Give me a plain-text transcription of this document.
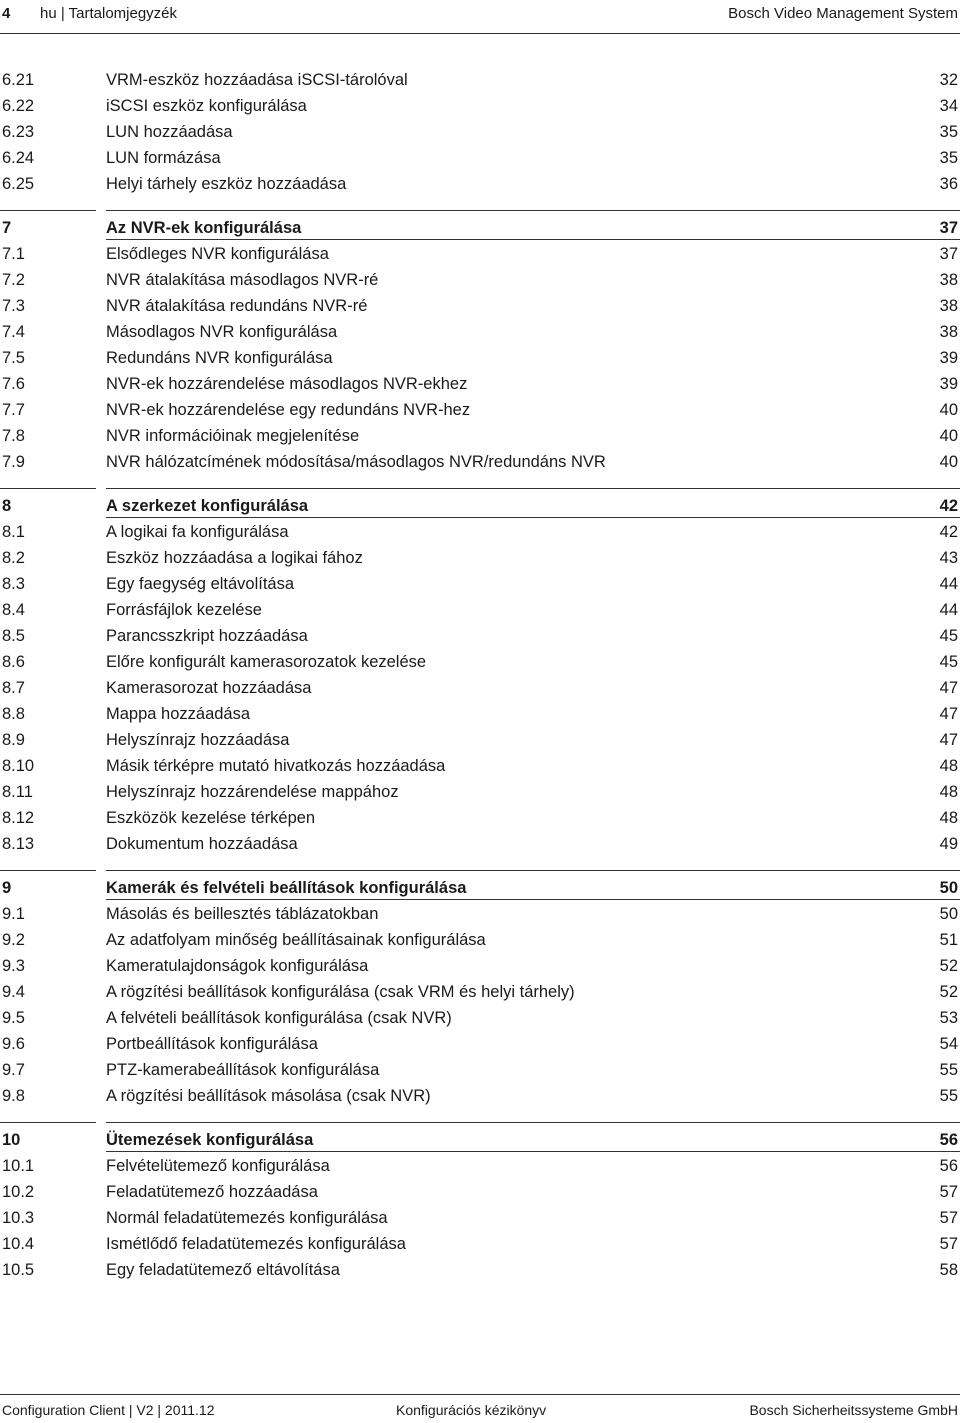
4 hu | Tartalomjegyzék	Bosch Video Management System
6.21	VRM-eszköz hozzáadása iSCSI-tárolóval	32
6.22	iSCSI eszköz konfigurálása	34
6.23	LUN hozzáadása	35
6.24	LUN formázása	35
6.25	Helyi tárhely eszköz hozzáadása	36
7	Az NVR-ek konfigurálása	37
7.1	Elsődleges NVR konfigurálása	37
7.2	NVR átalakítása másodlagos NVR-ré	38
7.3	NVR átalakítása redundáns NVR-ré	38
7.4	Másodlagos NVR konfigurálása	38
7.5	Redundáns NVR konfigurálása	39
7.6	NVR-ek hozzárendelése másodlagos NVR-ekhez	39
7.7	NVR-ek hozzárendelése egy redundáns NVR-hez	40
7.8	NVR információinak megjelenítése	40
7.9	NVR hálózatcímének módosítása/másodlagos NVR/redundáns NVR	40
8	A szerkezet konfigurálása	42
8.1	A logikai fa konfigurálása	42
8.2	Eszköz hozzáadása a logikai fához	43
8.3	Egy faegység eltávolítása	44
8.4	Forrásfájlok kezelése	44
8.5	Parancsszkript hozzáadása	45
8.6	Előre konfigurált kamerasorozatok kezelése	45
8.7	Kamerasorozat hozzáadása	47
8.8	Mappa hozzáadása	47
8.9	Helyszínrajz hozzáadása	47
8.10	Másik térképre mutató hivatkozás hozzáadása	48
8.11	Helyszínrajz hozzárendelése mappához	48
8.12	Eszközök kezelése térképen	48
8.13	Dokumentum hozzáadása	49
9	Kamerák és felvételi beállítások konfigurálása	50
9.1	Másolás és beillesztés táblázatokban	50
9.2	Az adatfolyam minőség beállításainak konfigurálása	51
9.3	Kameratulajdonságok konfigurálása	52
9.4	A rögzítési beállítások konfigurálása (csak VRM és helyi tárhely)	52
9.5	A felvételi beállítások konfigurálása (csak NVR)	53
9.6	Portbeállítások konfigurálása	54
9.7	PTZ-kamerabeállítások konfigurálása	55
9.8	A rögzítési beállítások másolása (csak NVR)	55
10	Ütemezések konfigurálása	56
10.1	Felvételütemező konfigurálása	56
10.2	Feladatütemező hozzáadása	57
10.3	Normál feladatütemezés konfigurálása	57
10.4	Ismétlődő feladatütemezés konfigurálása	57
10.5	Egy feladatütemező eltávolítása	58
Configuration Client | V2 | 2011.12	Konfigurációs kézikönyv	Bosch Sicherheitssysteme GmbH
